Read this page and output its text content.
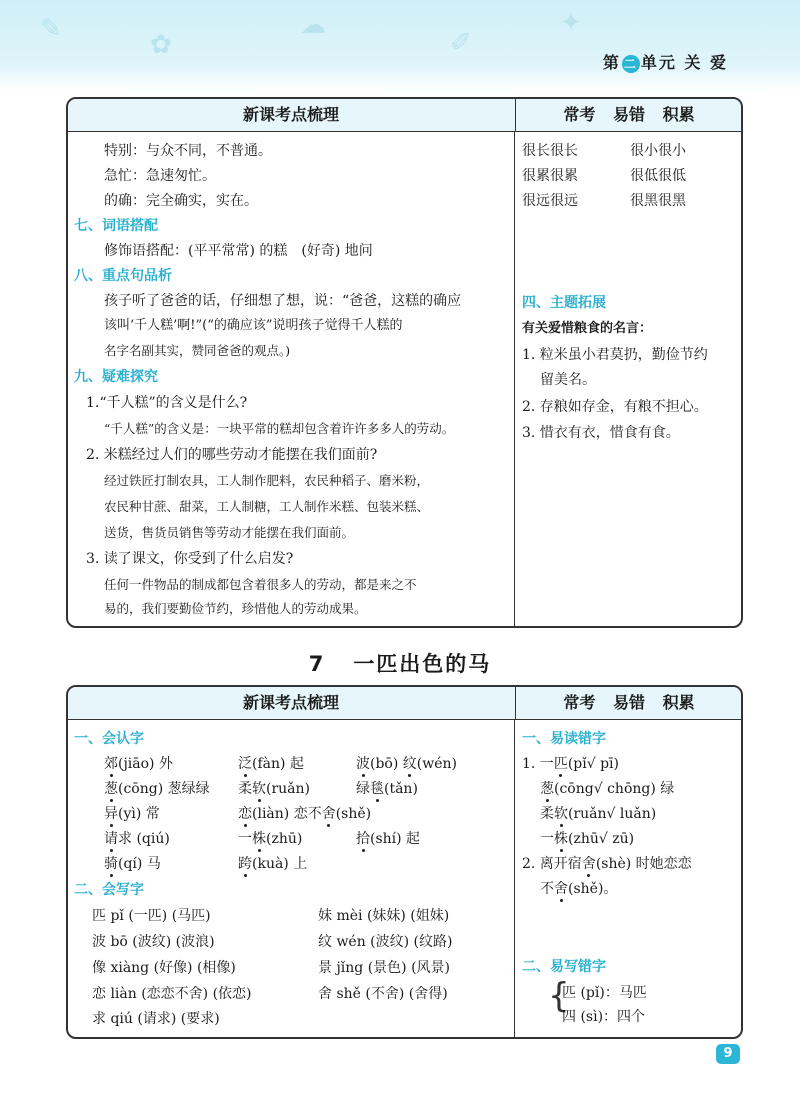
✎
✿
☁
✐
✦
第 二 单元 关 爱
新课考点梳理	常考 易错 积累
特别：与众不同，不普通。
急忙：急速匆忙。
的确：完全确实，实在。
七、词语搭配
修饰语搭配：(平平常常) 的糕　(好奇) 地问
八、重点句品析
孩子听了爸爸的话，仔细想了想，说：“爸爸，这糕的确应
该叫‘千人糕’啊!”(“的确应该”说明孩子觉得千人糕的
名字名副其实，赞同爸爸的观点。)
九、疑难探究
1.“千人糕”的含义是什么?
“千人糕”的含义是：一块平常的糕却包含着许许多多人的劳动。
2. 米糕经过人们的哪些劳动才能摆在我们面前?
经过铁匠打制农具，工人制作肥料，农民种稻子、磨米粉，
农民种甘蔗、甜菜，工人制糖，工人制作米糕、包装米糕、
送货，售货员销售等劳动才能摆在我们面前。
3. 读了课文，你受到了什么启发?
任何一件物品的制成都包含着很多人的劳动，都是来之不
易的，我们要勤俭节约，珍惜他人的劳动成果。
很长很长	很小很小
很累很累	很低很低
很远很远	很黑很黑
四、主题拓展
有关爱惜粮食的名言：
1. 粒米虽小君莫扔，勤俭节约
留美名。
2. 存粮如存金，有粮不担心。
3. 惜衣有衣，惜食有食。
7 一匹出色的马
新课考点梳理	常考 易错 积累
一、会认字
郊(jiāo) 外	泛(fàn) 起	波(bō) 纹(wén)
葱(cōng) 葱绿绿 柔软(ruǎn)	绿毯(tǎn)
异(yì) 常	恋(liàn) 恋不舍(shě)
请求 (qiú)	一株(zhū)	拾(shí) 起
骑(qí) 马	跨(kuà) 上
二、会写字
匹 pǐ (一匹) (马匹)	妹 mèi (妹妹) (姐妹)
波 bō (波纹) (波浪)	纹 wén (波纹) (纹路)
像 xiàng (好像) (相像)	景 jǐng (景色) (风景)
恋 liàn (恋恋不舍) (依恋)	舍 shě (不舍) (舍得)
求 qiú (请求) (要求)
一、易读错字
1. 一匹(pǐ√ pī)
葱(cōng√ chōng) 绿
柔软(ruǎn√ luǎn)
一株(zhū√ zū)
2. 离开宿舍(shè) 时她恋恋
不舍(shě)。
二、易写错字
{
匹 (pǐ)：马匹
四 (sì)：四个
9
